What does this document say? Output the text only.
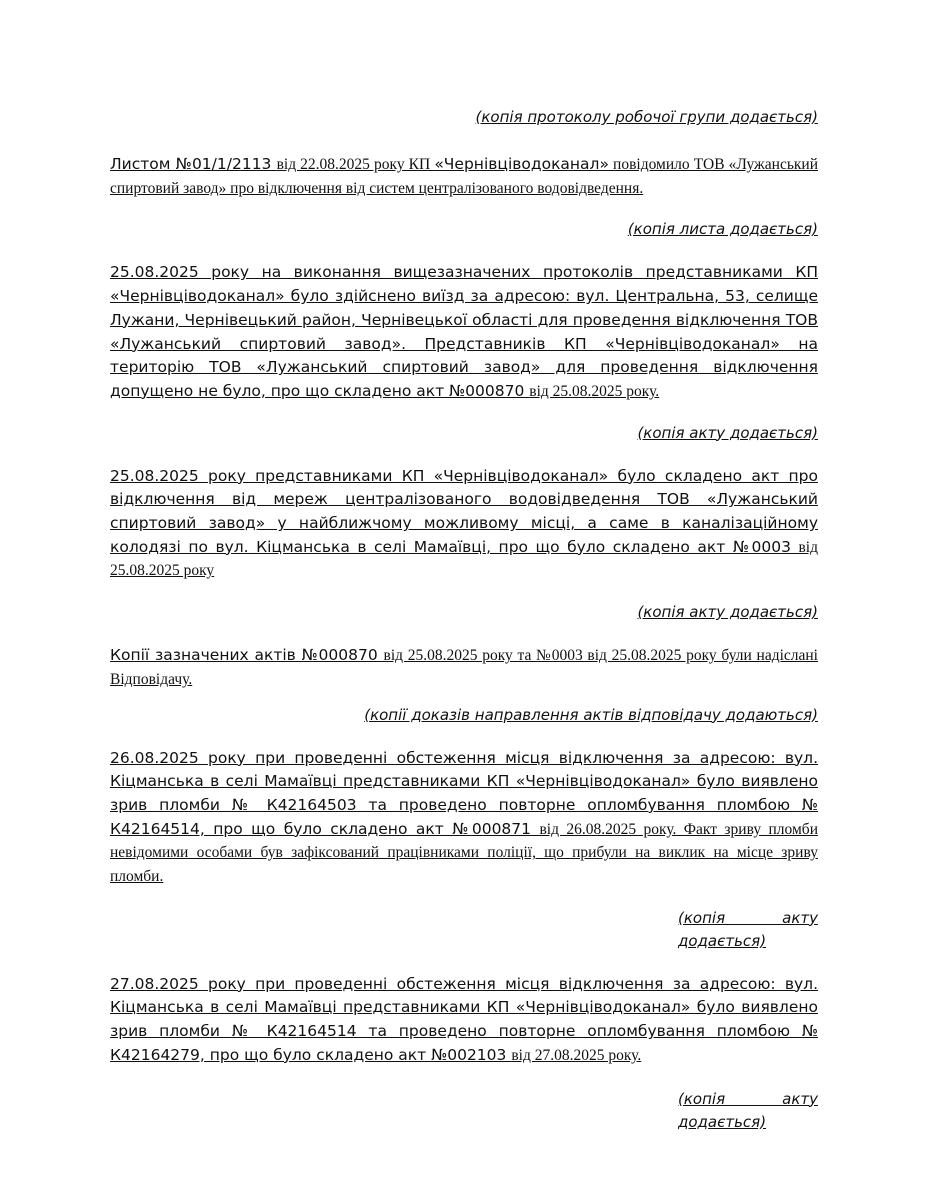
(копія протоколу робочої групи додається)

Листом №01/1/2113 від 22.08.2025 року КП «Чернівціводоканал» повідомило ТОВ «Лужанський спиртовий завод» про відключення від систем централізованого водовідведення.

(копія листа додається)

25.08.2025 року на виконання вищезазначених протоколів представниками КП «Чернівціводоканал» було здійснено виїзд за адресою: вул. Центральна, 53, селище Лужани, Чернівецький район, Чернівецької області для проведення відключення ТОВ «Лужанський спиртовий завод». Представників КП «Чернівціводоканал» на територію ТОВ «Лужанський спиртовий завод» для проведення відключення допущено не було, про що складено акт №000870 від 25.08.2025 року.

(копія акту додається)

25.08.2025 року представниками КП «Чернівціводоканал» було складено акт про відключення від мереж централізованого водовідведення ТОВ «Лужанський спиртовий завод» у найближчому можливому місці, а саме в каналізаційному колодязі по вул. Кіцманська в селі Мамаївці, про що було складено акт №0003 від 25.08.2025 року

(копія акту додається)

Копії зазначених актів №000870 від 25.08.2025 року та №0003 від 25.08.2025 року були надіслані Відповідачу.

(копії доказів направлення актів відповідачу додаються)

26.08.2025 року при проведенні обстеження місця відключення за адресою: вул. Кіцманська в селі Мамаївці представниками КП «Чернівціводоканал» було виявлено зрив пломби № К42164503 та проведено повторне опломбування пломбою № К42164514, про що було складено акт №000871 від 26.08.2025 року. Факт зриву пломби невідомими особами був зафіксований працівниками поліції, що прибули на виклик на місце зриву пломби.

(копія акту
додається)

27.08.2025 року при проведенні обстеження місця відключення за адресою: вул. Кіцманська в селі Мамаївці представниками КП «Чернівціводоканал» було виявлено зрив пломби № К42164514 та проведено повторне опломбування пломбою № К42164279, про що було складено акт №002103 від 27.08.2025 року.

(копія акту
додається)
